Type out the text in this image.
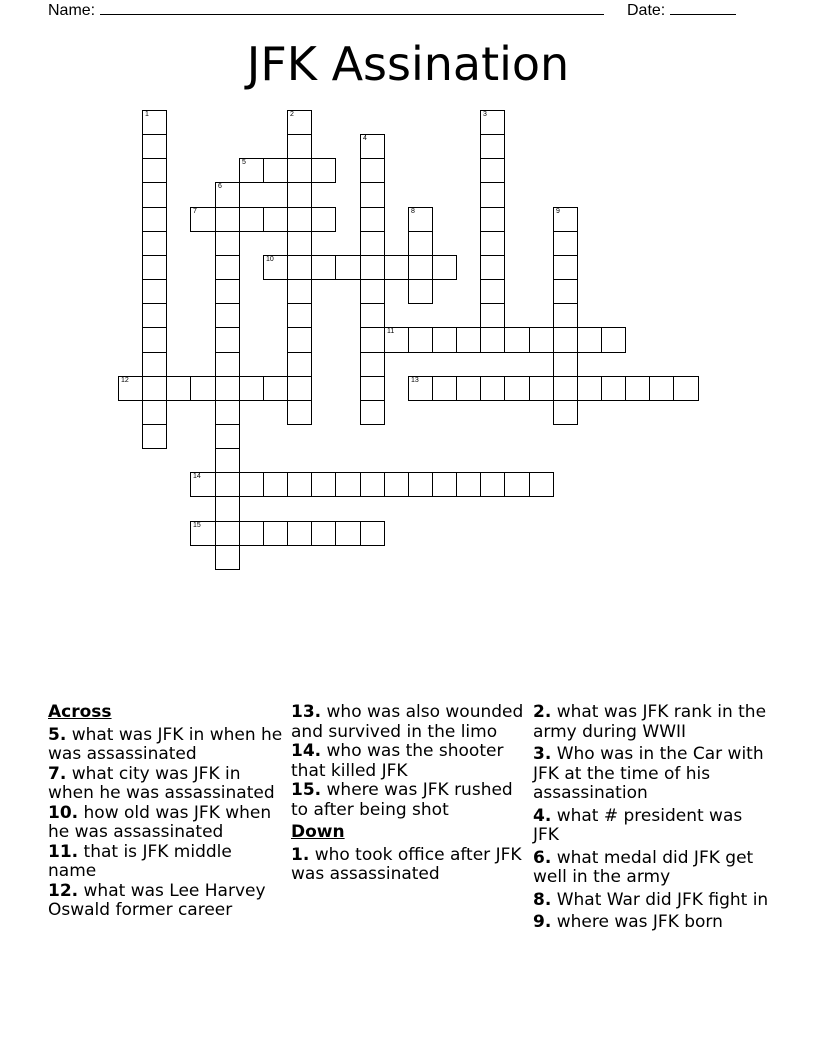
Name:	Date:
JFK Assination
5
7
10
11
12	13
14
15
1	2	3
4
6
8	9
Across
5. what was JFK in when he was assassinated
7. what city was JFK in when he was assassinated
10. how old was JFK when he was assassinated
11. that is JFK middle name
12. what was Lee Harvey Oswald former career
13. who was also wounded and survived in the limo
14. who was the shooter that killed JFK
15. where was JFK rushed to after being shot
Down
1. who took office after JFK was assassinated
2. what was JFK rank in the army during WWII
3. Who was in the Car with JFK at the time of his assassination
4. what # president was JFK
6. what medal did JFK get well in the army
8. What War did JFK fight in
9. where was JFK born
